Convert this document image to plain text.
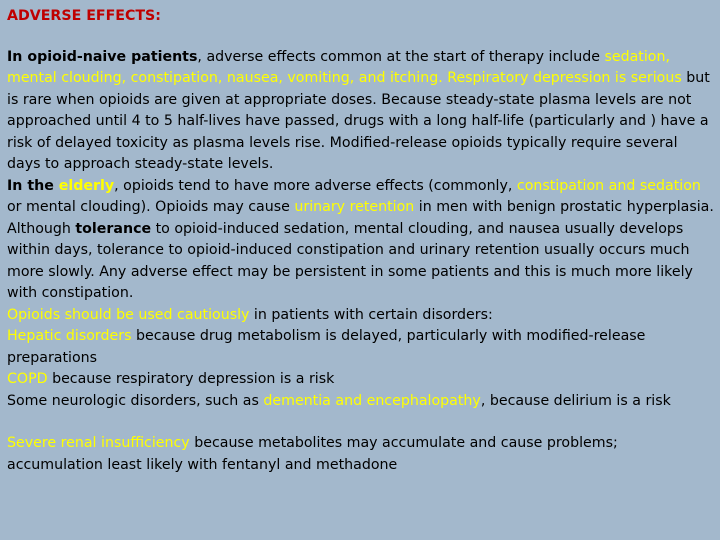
ADVERSE EFFECTS:

In opioid-naive patients, adverse effects common at the start of therapy include sedation, mental clouding, constipation, nausea, vomiting, and itching. Respiratory depression is serious but is rare when opioids are given at appropriate doses. Because steady-state plasma levels are not approached until 4 to 5 half-lives have passed, drugs with a long half-life (particularly and ) have a risk of delayed toxicity as plasma levels rise. Modified-release opioids typically require several days to approach steady-state levels.

In the elderly, opioids tend to have more adverse effects (commonly, constipation and sedation or mental clouding). Opioids may cause urinary retention in men with benign prostatic hyperplasia.

Although tolerance to opioid-induced sedation, mental clouding, and nausea usually develops within days, tolerance to opioid-induced constipation and urinary retention usually occurs much more slowly. Any adverse effect may be persistent in some patients and this is much more likely with constipation.

Opioids should be used cautiously in patients with certain disorders:

Hepatic disorders because drug metabolism is delayed, particularly with modified-release preparations

COPD because respiratory depression is a risk

Some neurologic disorders, such as dementia and encephalopathy, because delirium is a risk

Severe renal insufficiency because metabolites may accumulate and cause problems; accumulation least likely with fentanyl and methadone
